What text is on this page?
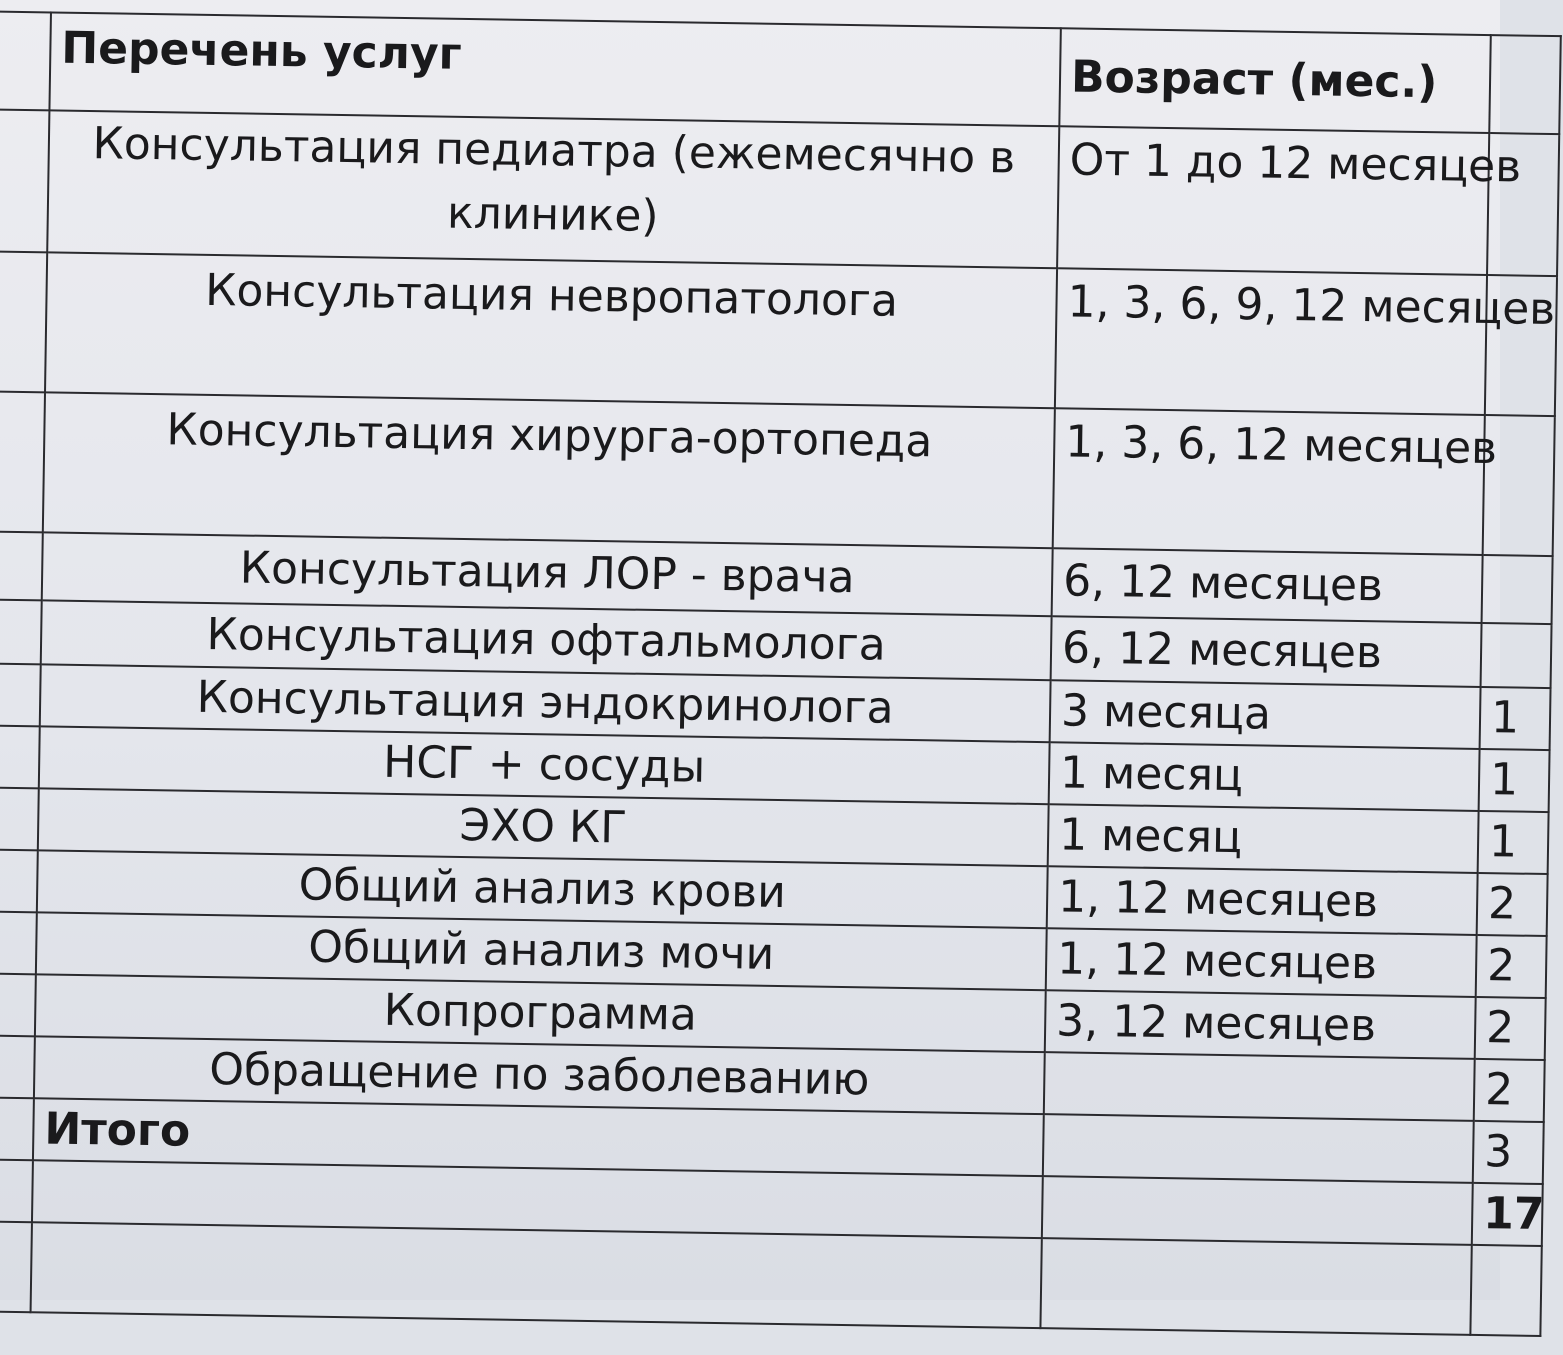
	Перечень услуг	Возраст (мес.)	
	Консультация педиатра (ежемесячно в клинике)	От 1 до 12 месяцев	
	Консультация невропатолога	1, 3, 6, 9, 12 месяцев	
	Консультация хирурга-ортопеда	1, 3, 6, 12 месяцев	
	Консультация ЛОР - врача	6, 12 месяцев	
	Консультация офтальмолога	6, 12 месяцев	
	Консультация эндокринолога	3 месяца	1
	НСГ + сосуды	1 месяц	1
	ЭХО КГ	1 месяц	1
	Общий анализ крови	1, 12 месяцев	2
	Общий анализ мочи	1, 12 месяцев	2
	Копрограмма	3, 12 месяцев	2
	Обращение по заболеванию		2
	Итого		3
			17
